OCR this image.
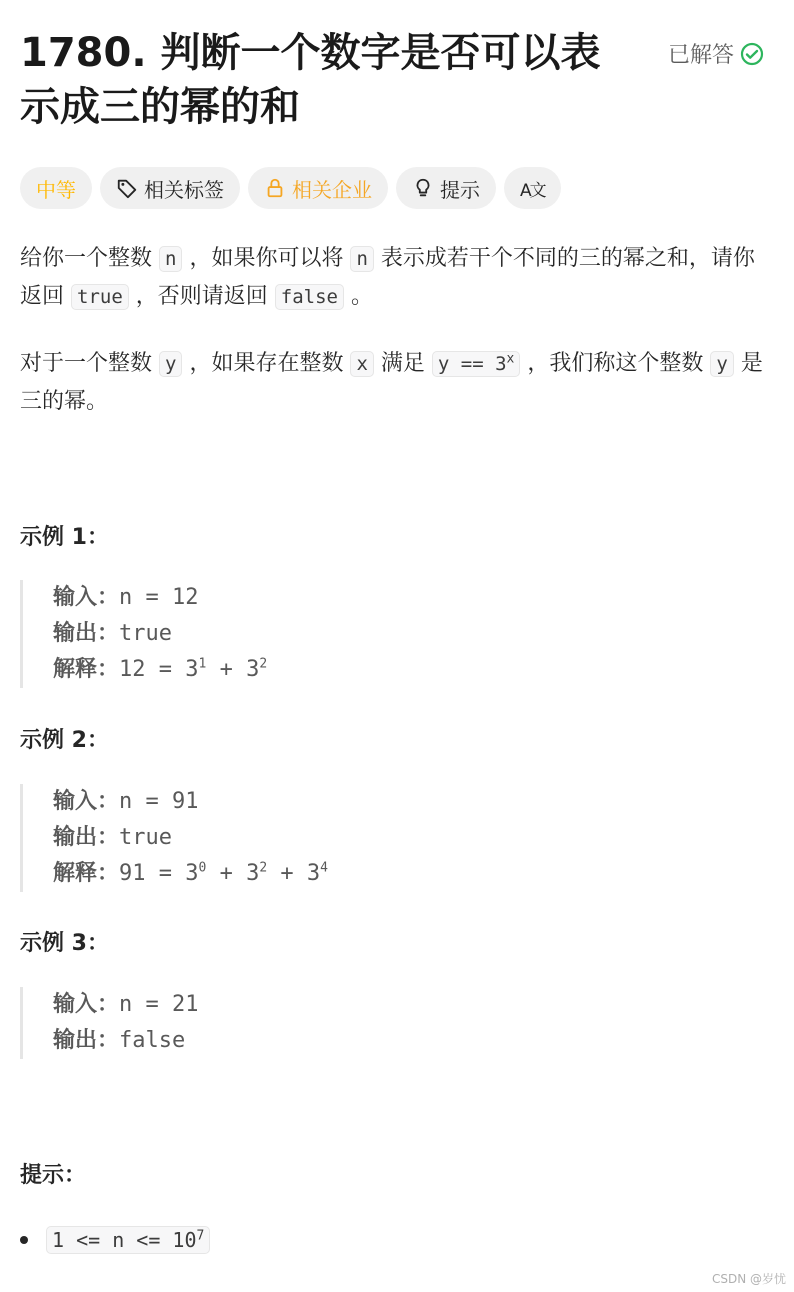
1780. 判断一个数字是否可以表示成三的幂的和
已解答
中等	相关标签	相关企业	提示 A文

给你一个整数 n ，如果你可以将 n 表示成若干个不同的三的幂之和，请你返回 true ，否则请返回 false 。

对于一个整数 y ，如果存在整数 x 满足 $y == 3^x$ ，我们称这个整数 y 是三的幂。

示例 1：
输入：n = 12
输出：true
解释：$12 = 3^1 + 3^2$
示例 2：
输入：n = 91
输出：true
解释：$91 = 3^0 + 3^2 + 3^4$
示例 3：
输入：n = 21
输出：false
提示：
$1 <= n <= 10^7$
CSDN @岁忧
